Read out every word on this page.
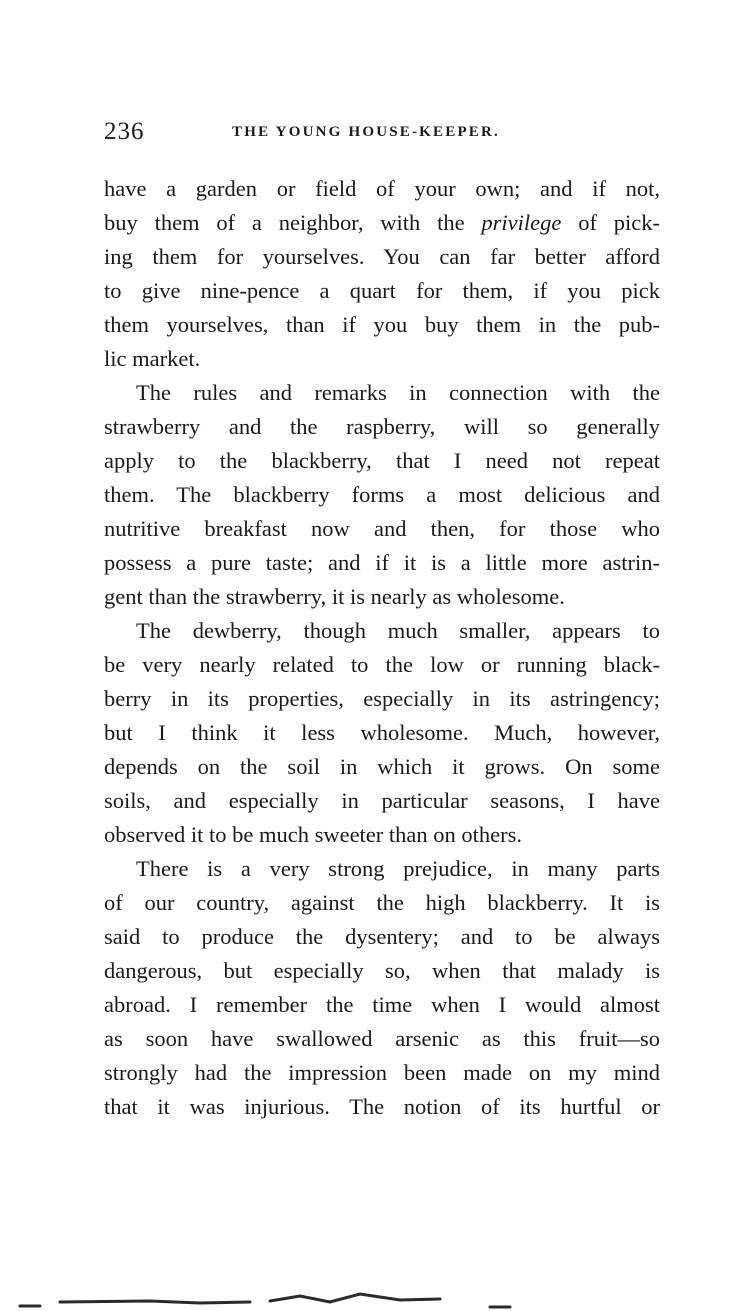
236	THE YOUNG HOUSE-KEEPER.
have a garden or field of your own; and if not,
buy them of a neighbor, with the privilege of pick-
ing them for yourselves. You can far better afford
to give nine-pence a quart for them, if you pick
them yourselves, than if you buy them in the pub-
lic market.
The rules and remarks in connection with the
strawberry and the raspberry, will so generally
apply to the blackberry, that I need not repeat
them. The blackberry forms a most delicious and
nutritive breakfast now and then, for those who
possess a pure taste; and if it is a little more astrin-
gent than the strawberry, it is nearly as wholesome.
The dewberry, though much smaller, appears to
be very nearly related to the low or running black-
berry in its properties, especially in its astringency;
but I think it less wholesome. Much, however,
depends on the soil in which it grows. On some
soils, and especially in particular seasons, I have
observed it to be much sweeter than on others.
There is a very strong prejudice, in many parts
of our country, against the high blackberry. It is
said to produce the dysentery; and to be always
dangerous, but especially so, when that malady is
abroad. I remember the time when I would almost
as soon have swallowed arsenic as this fruit—so
strongly had the impression been made on my mind
that it was injurious. The notion of its hurtful or
